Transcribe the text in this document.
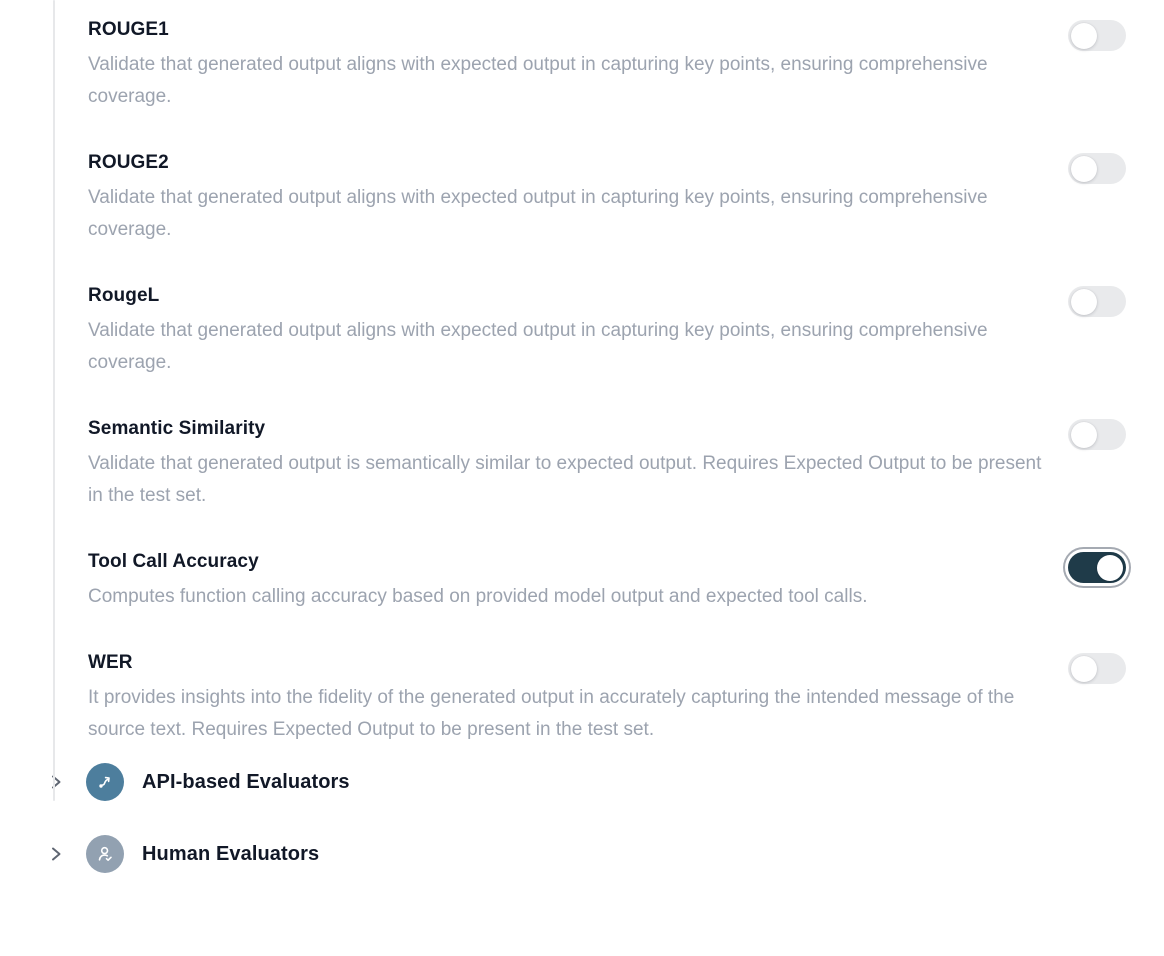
ROUGE1
Validate that generated output aligns with expected output in capturing key points, ensuring comprehensive coverage.
ROUGE2
Validate that generated output aligns with expected output in capturing key points, ensuring comprehensive coverage.
RougeL
Validate that generated output aligns with expected output in capturing key points, ensuring comprehensive coverage.
Semantic Similarity
Validate that generated output is semantically similar to expected output. Requires Expected Output to be present in the test set.
Tool Call Accuracy
Computes function calling accuracy based on provided model output and expected tool calls.
WER
It provides insights into the fidelity of the generated output in accurately capturing the intended message of the source text. Requires Expected Output to be present in the test set.
API-based Evaluators
Human Evaluators
